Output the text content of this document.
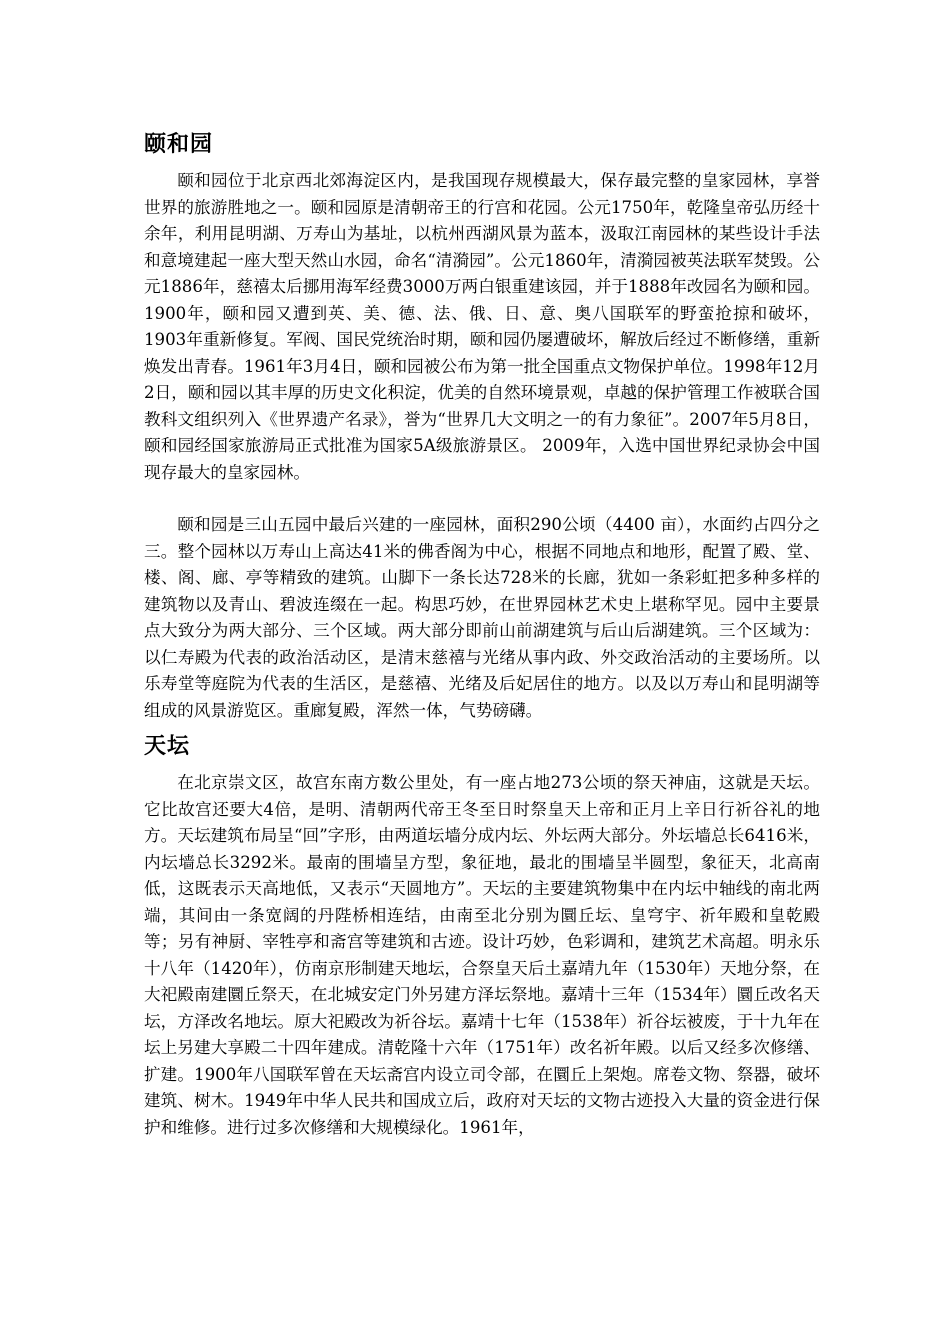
颐和园

颐和园位于北京西北郊海淀区内，是我国现存规模最大，保存最完整的皇家园林，享誉世界的旅游胜地之一。颐和园原是清朝帝王的行宫和花园。公元1750年，乾隆皇帝弘历经十余年，利用昆明湖、万寿山为基址，以杭州西湖风景为蓝本，汲取江南园林的某些设计手法和意境建起一座大型天然山水园，命名“清漪园”。公元1860年，清漪园被英法联军焚毁。公元1886年，慈禧太后挪用海军经费3000万两白银重建该园，并于1888年改园名为颐和园。 1900年，颐和园又遭到英、美、德、法、俄、日、意、奥八国联军的野蛮抢掠和破坏，1903年重新修复。军阀、国民党统治时期，颐和园仍屡遭破坏，解放后经过不断修缮，重新焕发出青春。1961年3月4日，颐和园被公布为第一批全国重点文物保护单位。1998年12月2日，颐和园以其丰厚的历史文化积淀，优美的自然环境景观，卓越的保护管理工作被联合国教科文组织列入《世界遗产名录》，誉为“世界几大文明之一的有力象征”。2007年5月8日，颐和园经国家旅游局正式批准为国家5A级旅游景区。 2009年，入选中国世界纪录协会中国现存最大的皇家园林。

颐和园是三山五园中最后兴建的一座园林，面积290公顷（4400 亩），水面约占四分之三。整个园林以万寿山上高达41米的佛香阁为中心，根据不同地点和地形，配置了殿、堂、楼、阁、廊、亭等精致的建筑。山脚下一条长达728米的长廊，犹如一条彩虹把多种多样的建筑物以及青山、碧波连缀在一起。构思巧妙，在世界园林艺术史上堪称罕见。园中主要景点大致分为两大部分、三个区域。两大部分即前山前湖建筑与后山后湖建筑。三个区域为：以仁寿殿为代表的政治活动区，是清末慈禧与光绪从事内政、外交政治活动的主要场所。以乐寿堂等庭院为代表的生活区，是慈禧、光绪及后妃居住的地方。以及以万寿山和昆明湖等组成的风景游览区。重廊复殿，浑然一体，气势磅礴。

天坛

在北京崇文区，故宫东南方数公里处，有一座占地273公顷的祭天神庙，这就是天坛。它比故宫还要大4倍，是明、清朝两代帝王冬至日时祭皇天上帝和正月上辛日行祈谷礼的地方。天坛建筑布局呈“回”字形，由两道坛墙分成内坛、外坛两大部分。外坛墙总长6416米，内坛墙总长3292米。最南的围墙呈方型，象征地，最北的围墙呈半圆型，象征天，北高南低，这既表示天高地低，又表示“天圆地方”。天坛的主要建筑物集中在内坛中轴线的南北两端，其间由一条宽阔的丹陛桥相连结，由南至北分别为圜丘坛、皇穹宇、祈年殿和皇乾殿等；另有神厨、宰牲亭和斋宫等建筑和古迹。设计巧妙，色彩调和，建筑艺术高超。明永乐十八年（1420年），仿南京形制建天地坛，合祭皇天后土嘉靖九年（1530年）天地分祭，在大祀殿南建圜丘祭天，在北城安定门外另建方泽坛祭地。嘉靖十三年（1534年）圜丘改名天坛，方泽改名地坛。原大祀殿改为祈谷坛。嘉靖十七年（1538年）祈谷坛被废，于十九年在坛上另建大享殿二十四年建成。清乾隆十六年（1751年）改名祈年殿。以后又经多次修缮、扩建。1900年八国联军曾在天坛斋宫内设立司令部，在圜丘上架炮。席卷文物、祭器，破坏建筑、树木。1949年中华人民共和国成立后，政府对天坛的文物古迹投入大量的资金进行保护和维修。进行过多次修缮和大规模绿化。1961年，
